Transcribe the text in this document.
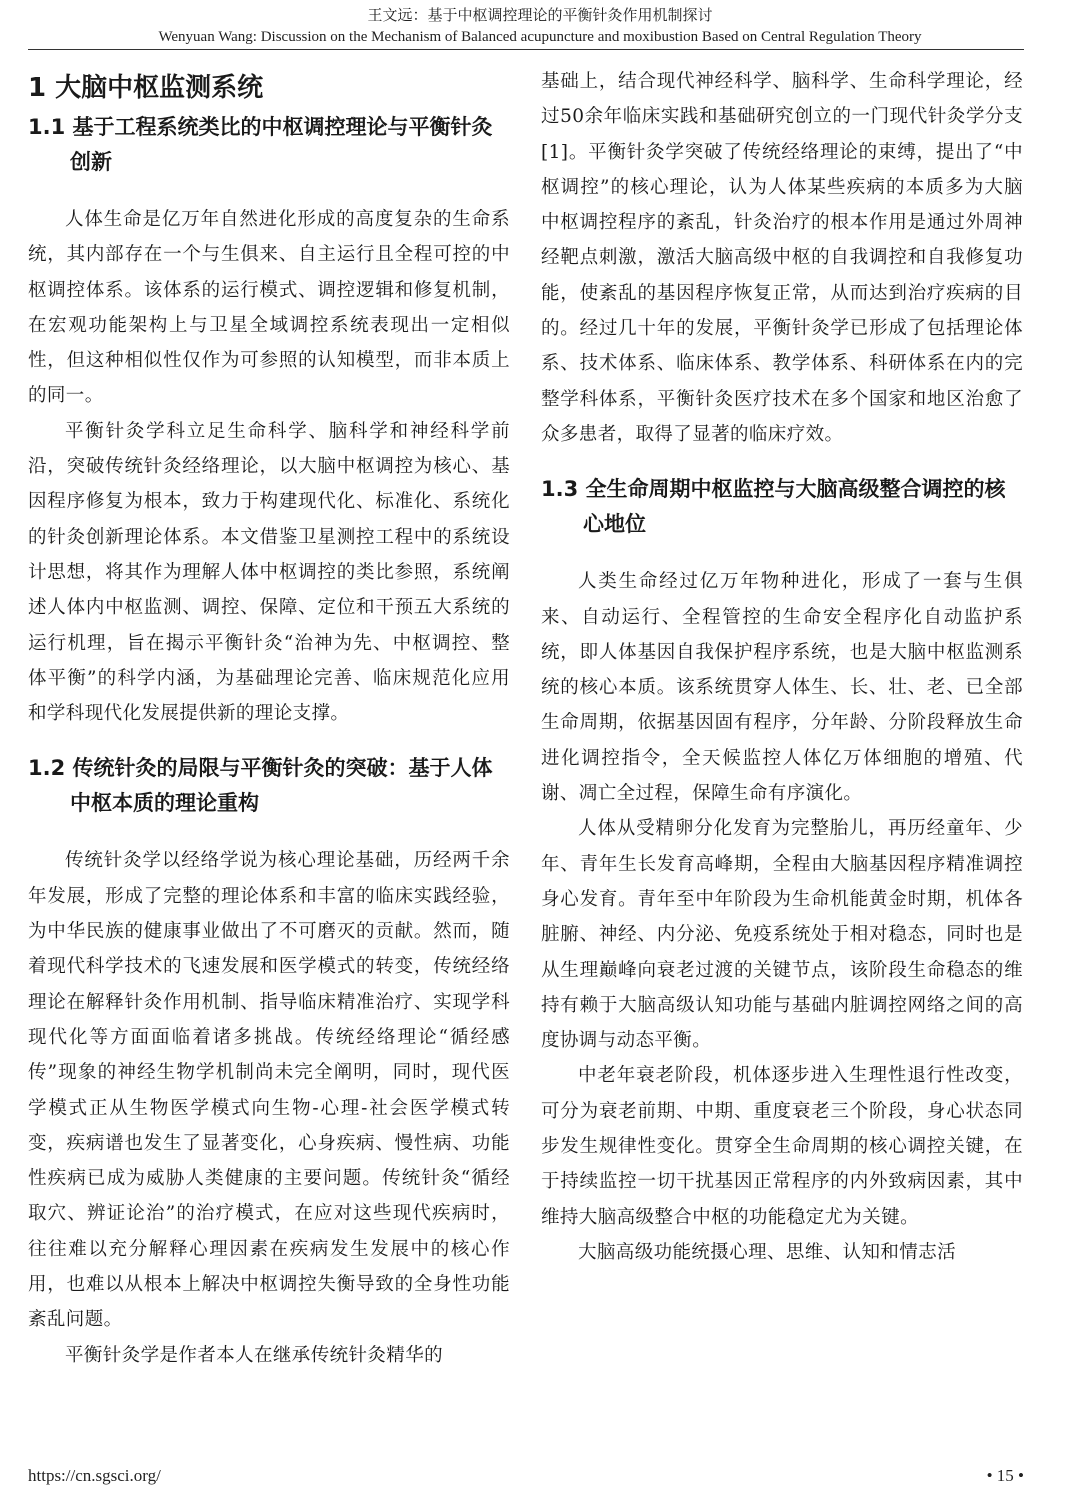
王文远：基于中枢调控理论的平衡针灸作用机制探讨
Wenyuan Wang: Discussion on the Mechanism of Balanced acupuncture and moxibustion Based on Central Regulation Theory
1 大脑中枢监测系统
1.1 基于工程系统类比的中枢调控理论与平衡针灸创新

人体生命是亿万年自然进化形成的高度复杂的生命系统，其内部存在一个与生俱来、自主运行且全程可控的中枢调控体系。该体系的运行模式、调控逻辑和修复机制，在宏观功能架构上与卫星全域调控系统表现出一定相似性，但这种相似性仅作为可参照的认知模型，而非本质上的同一。

平衡针灸学科立足生命科学、脑科学和神经科学前沿，突破传统针灸经络理论，以大脑中枢调控为核心、基因程序修复为根本，致力于构建现代化、标准化、系统化的针灸创新理论体系。本文借鉴卫星测控工程中的系统设计思想，将其作为理解人体中枢调控的类比参照，系统阐述人体内中枢监测、调控、保障、定位和干预五大系统的运行机理，旨在揭示平衡针灸“治神为先、中枢调控、整体平衡”的科学内涵，为基础理论完善、临床规范化应用和学科现代化发展提供新的理论支撑。

1.2 传统针灸的局限与平衡针灸的突破：基于人体中枢本质的理论重构

传统针灸学以经络学说为核心理论基础，历经两千余年发展，形成了完整的理论体系和丰富的临床实践经验，为中华民族的健康事业做出了不可磨灭的贡献。然而，随着现代科学技术的飞速发展和医学模式的转变，传统经络理论在解释针灸作用机制、指导临床精准治疗、实现学科现代化等方面面临着诸多挑战。传统经络理论“循经感传”现象的神经生物学机制尚未完全阐明，同时，现代医学模式正从生物医学模式向生物-心理-社会医学模式转变，疾病谱也发生了显著变化，心身疾病、慢性病、功能性疾病已成为威胁人类健康的主要问题。传统针灸“循经取穴、辨证论治”的治疗模式，在应对这些现代疾病时，往往难以充分解释心理因素在疾病发生发展中的核心作用，也难以从根本上解决中枢调控失衡导致的全身性功能紊乱问题。

平衡针灸学是作者本人在继承传统针灸精华的

基础上，结合现代神经科学、脑科学、生命科学理论，经过50余年临床实践和基础研究创立的一门现代针灸学分支[1]。平衡针灸学突破了传统经络理论的束缚，提出了“中枢调控”的核心理论，认为人体某些疾病的本质多为大脑中枢调控程序的紊乱，针灸治疗的根本作用是通过外周神经靶点刺激，激活大脑高级中枢的自我调控和自我修复功能，使紊乱的基因程序恢复正常，从而达到治疗疾病的目的。经过几十年的发展，平衡针灸学已形成了包括理论体系、技术体系、临床体系、教学体系、科研体系在内的完整学科体系，平衡针灸医疗技术在多个国家和地区治愈了众多患者，取得了显著的临床疗效。

1.3 全生命周期中枢监控与大脑高级整合调控的核心地位

人类生命经过亿万年物种进化，形成了一套与生俱来、自动运行、全程管控的生命安全程序化自动监护系统，即人体基因自我保护程序系统，也是大脑中枢监测系统的核心本质。该系统贯穿人体生、长、壮、老、已全部生命周期，依据基因固有程序，分年龄、分阶段释放生命进化调控指令，全天候监控人体亿万体细胞的增殖、代谢、凋亡全过程，保障生命有序演化。

人体从受精卵分化发育为完整胎儿，再历经童年、少年、青年生长发育高峰期，全程由大脑基因程序精准调控身心发育。青年至中年阶段为生命机能黄金时期，机体各脏腑、神经、内分泌、免疫系统处于相对稳态，同时也是从生理巅峰向衰老过渡的关键节点，该阶段生命稳态的维持有赖于大脑高级认知功能与基础内脏调控网络之间的高度协调与动态平衡。

中老年衰老阶段，机体逐步进入生理性退行性改变，可分为衰老前期、中期、重度衰老三个阶段，身心状态同步发生规律性变化。贯穿全生命周期的核心调控关键，在于持续监控一切干扰基因正常程序的内外致病因素，其中维持大脑高级整合中枢的功能稳定尤为关键。

大脑高级功能统摄心理、思维、认知和情志活

https://cn.sgsci.org/	• 15 •
